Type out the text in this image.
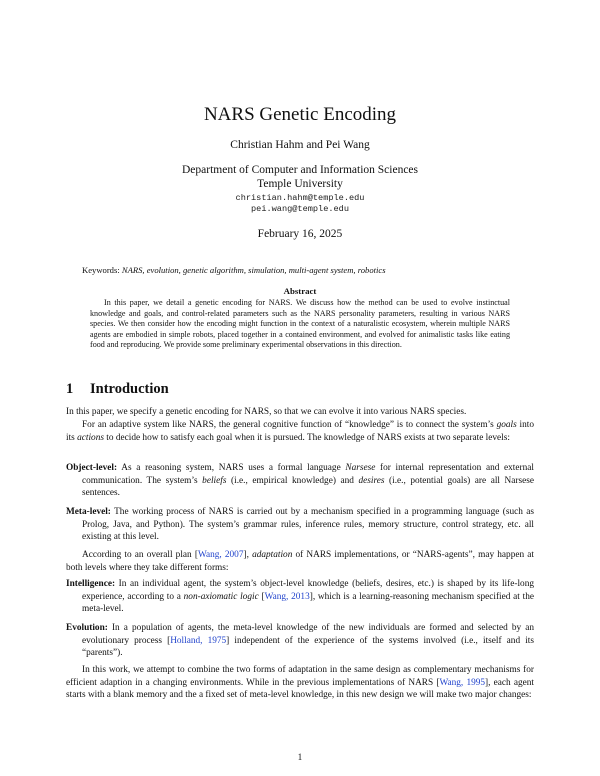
NARS Genetic Encoding
Christian Hahm and Pei Wang
Department of Computer and Information Sciences
Temple University
christian.hahm@temple.edu
pei.wang@temple.edu
February 16, 2025
Keywords: NARS, evolution, genetic algorithm, simulation, multi-agent system, robotics
Abstract
In this paper, we detail a genetic encoding for NARS. We discuss how the method can be used to evolve instinctual knowledge and goals, and control-related parameters such as the NARS personality parameters, resulting in various NARS species. We then consider how the encoding might function in the context of a naturalistic ecosystem, wherein multiple NARS agents are embodied in simple robots, placed together in a contained environment, and evolved for animalistic tasks like eating food and reproducing. We provide some preliminary experimental observations in this direction.
1 Introduction
In this paper, we specify a genetic encoding for NARS, so that we can evolve it into various NARS species.
For an adaptive system like NARS, the general cognitive function of “knowledge” is to connect the system’s goals into its actions to decide how to satisfy each goal when it is pursued. The knowledge of NARS exists at two separate levels:
Object-level: As a reasoning system, NARS uses a formal language Narsese for internal representation and external communication. The system’s beliefs (i.e., empirical knowledge) and desires (i.e., potential goals) are all Narsese sentences.
Meta-level: The working process of NARS is carried out by a mechanism specified in a programming language (such as Prolog, Java, and Python). The system’s grammar rules, inference rules, memory structure, control strategy, etc. all existing at this level.
According to an overall plan [Wang, 2007], adaptation of NARS implementations, or “NARS-agents”, may happen at both levels where they take different forms:
Intelligence: In an individual agent, the system’s object-level knowledge (beliefs, desires, etc.) is shaped by its life-long experience, according to a non-axiomatic logic [Wang, 2013], which is a learning-reasoning mechanism specified at the meta-level.
Evolution: In a population of agents, the meta-level knowledge of the new individuals are formed and selected by an evolutionary process [Holland, 1975] independent of the experience of the systems involved (i.e., itself and its “parents”).
In this work, we attempt to combine the two forms of adaptation in the same design as complementary mechanisms for efficient adaption in a changing environments. While in the previous implementations of NARS [Wang, 1995], each agent starts with a blank memory and the a fixed set of meta-level knowledge, in this new design we will make two major changes:
1
